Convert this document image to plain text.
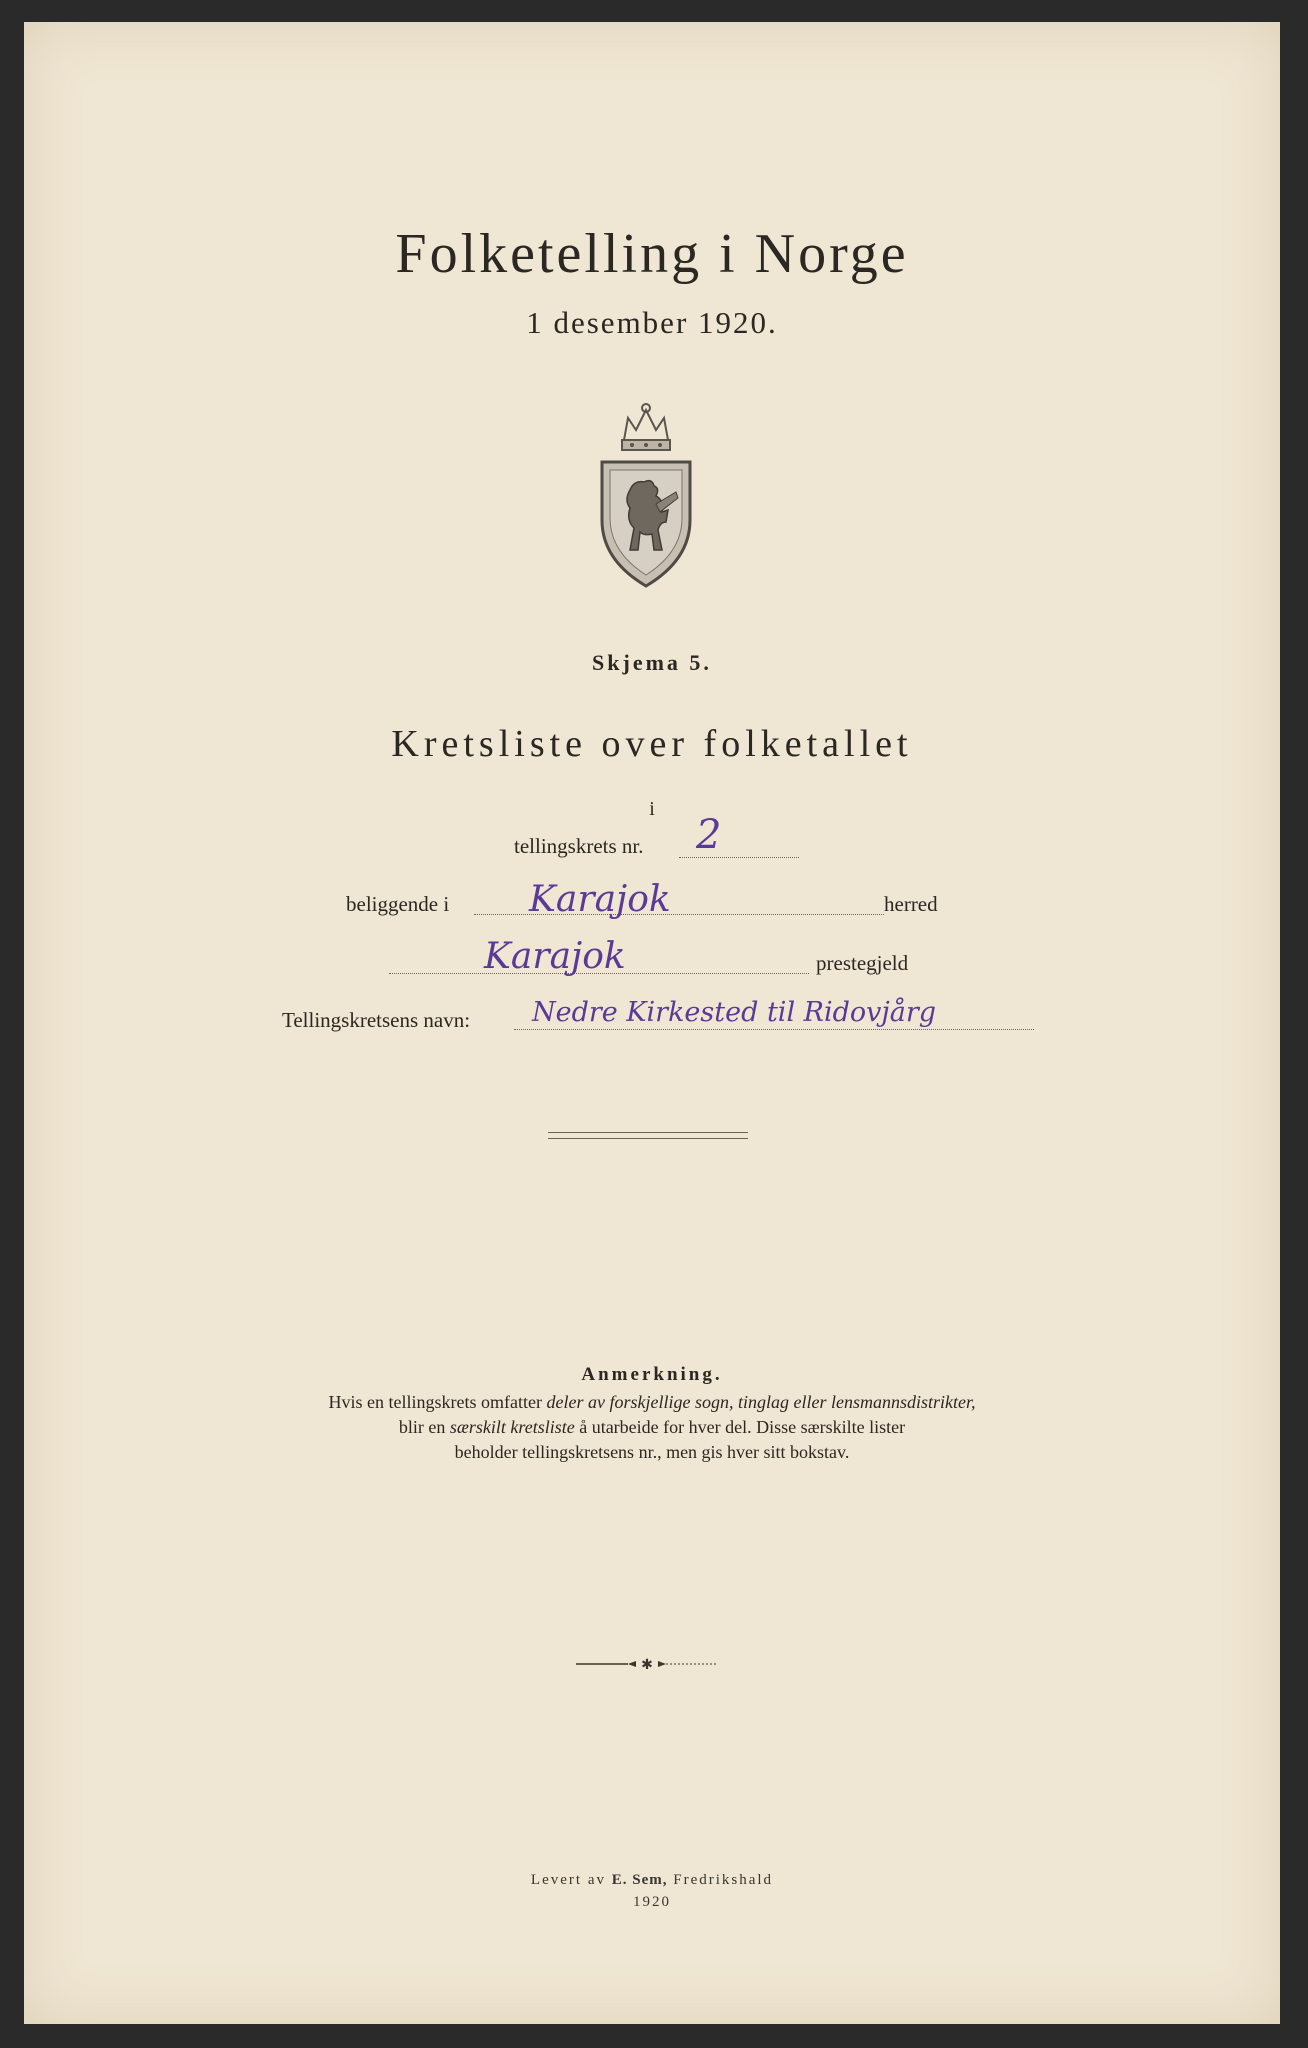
Folketelling i Norge
1 desember 1920.
Skjema 5.
Kretsliste over folketallet
i
tellingskrets nr. 2
beliggende i Karajok	herred
Karajok	prestegjeld
Tellingskretsens navn: Nedre Kirkested til Ridovjårg
Anmerkning.
Hvis en tellingskrets omfatter deler av forskjellige sogn, tinglag eller lensmannsdistrikter,
blir en særskilt kretsliste å utarbeide for hver del. Disse særskilte lister
beholder tellingskretsens nr., men gis hver sitt bokstav.
✱
Levert av E. Sem, Fredrikshald
1920
